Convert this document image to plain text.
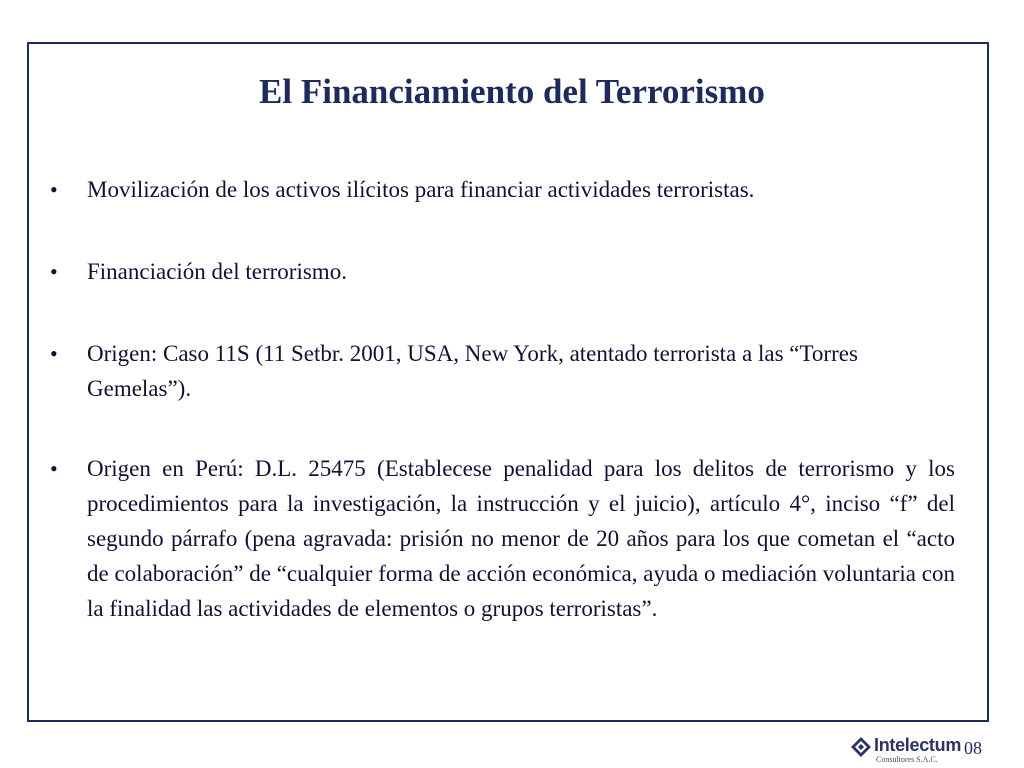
El Financiamiento del Terrorismo
• Movilización de los activos ilícitos para financiar actividades terroristas.
• Financiación del terrorismo.
• Origen: Caso 11S (11 Setbr. 2001, USA, New York, atentado terrorista a las “Torres Gemelas”).
• Origen en Perú: D.L. 25475 (Establecese penalidad para los delitos de terrorismo y los procedimientos para la investigación, la instrucción y el juicio), artículo 4°, inciso “f” del segundo párrafo (pena agravada: prisión no menor de 20 años para los que cometan el “acto de colaboración” de “cualquier forma de acción económica, ayuda o mediación voluntaria con la finalidad las actividades de elementos o grupos terroristas”.
Intelectum
Consultores S.A.C.
08
